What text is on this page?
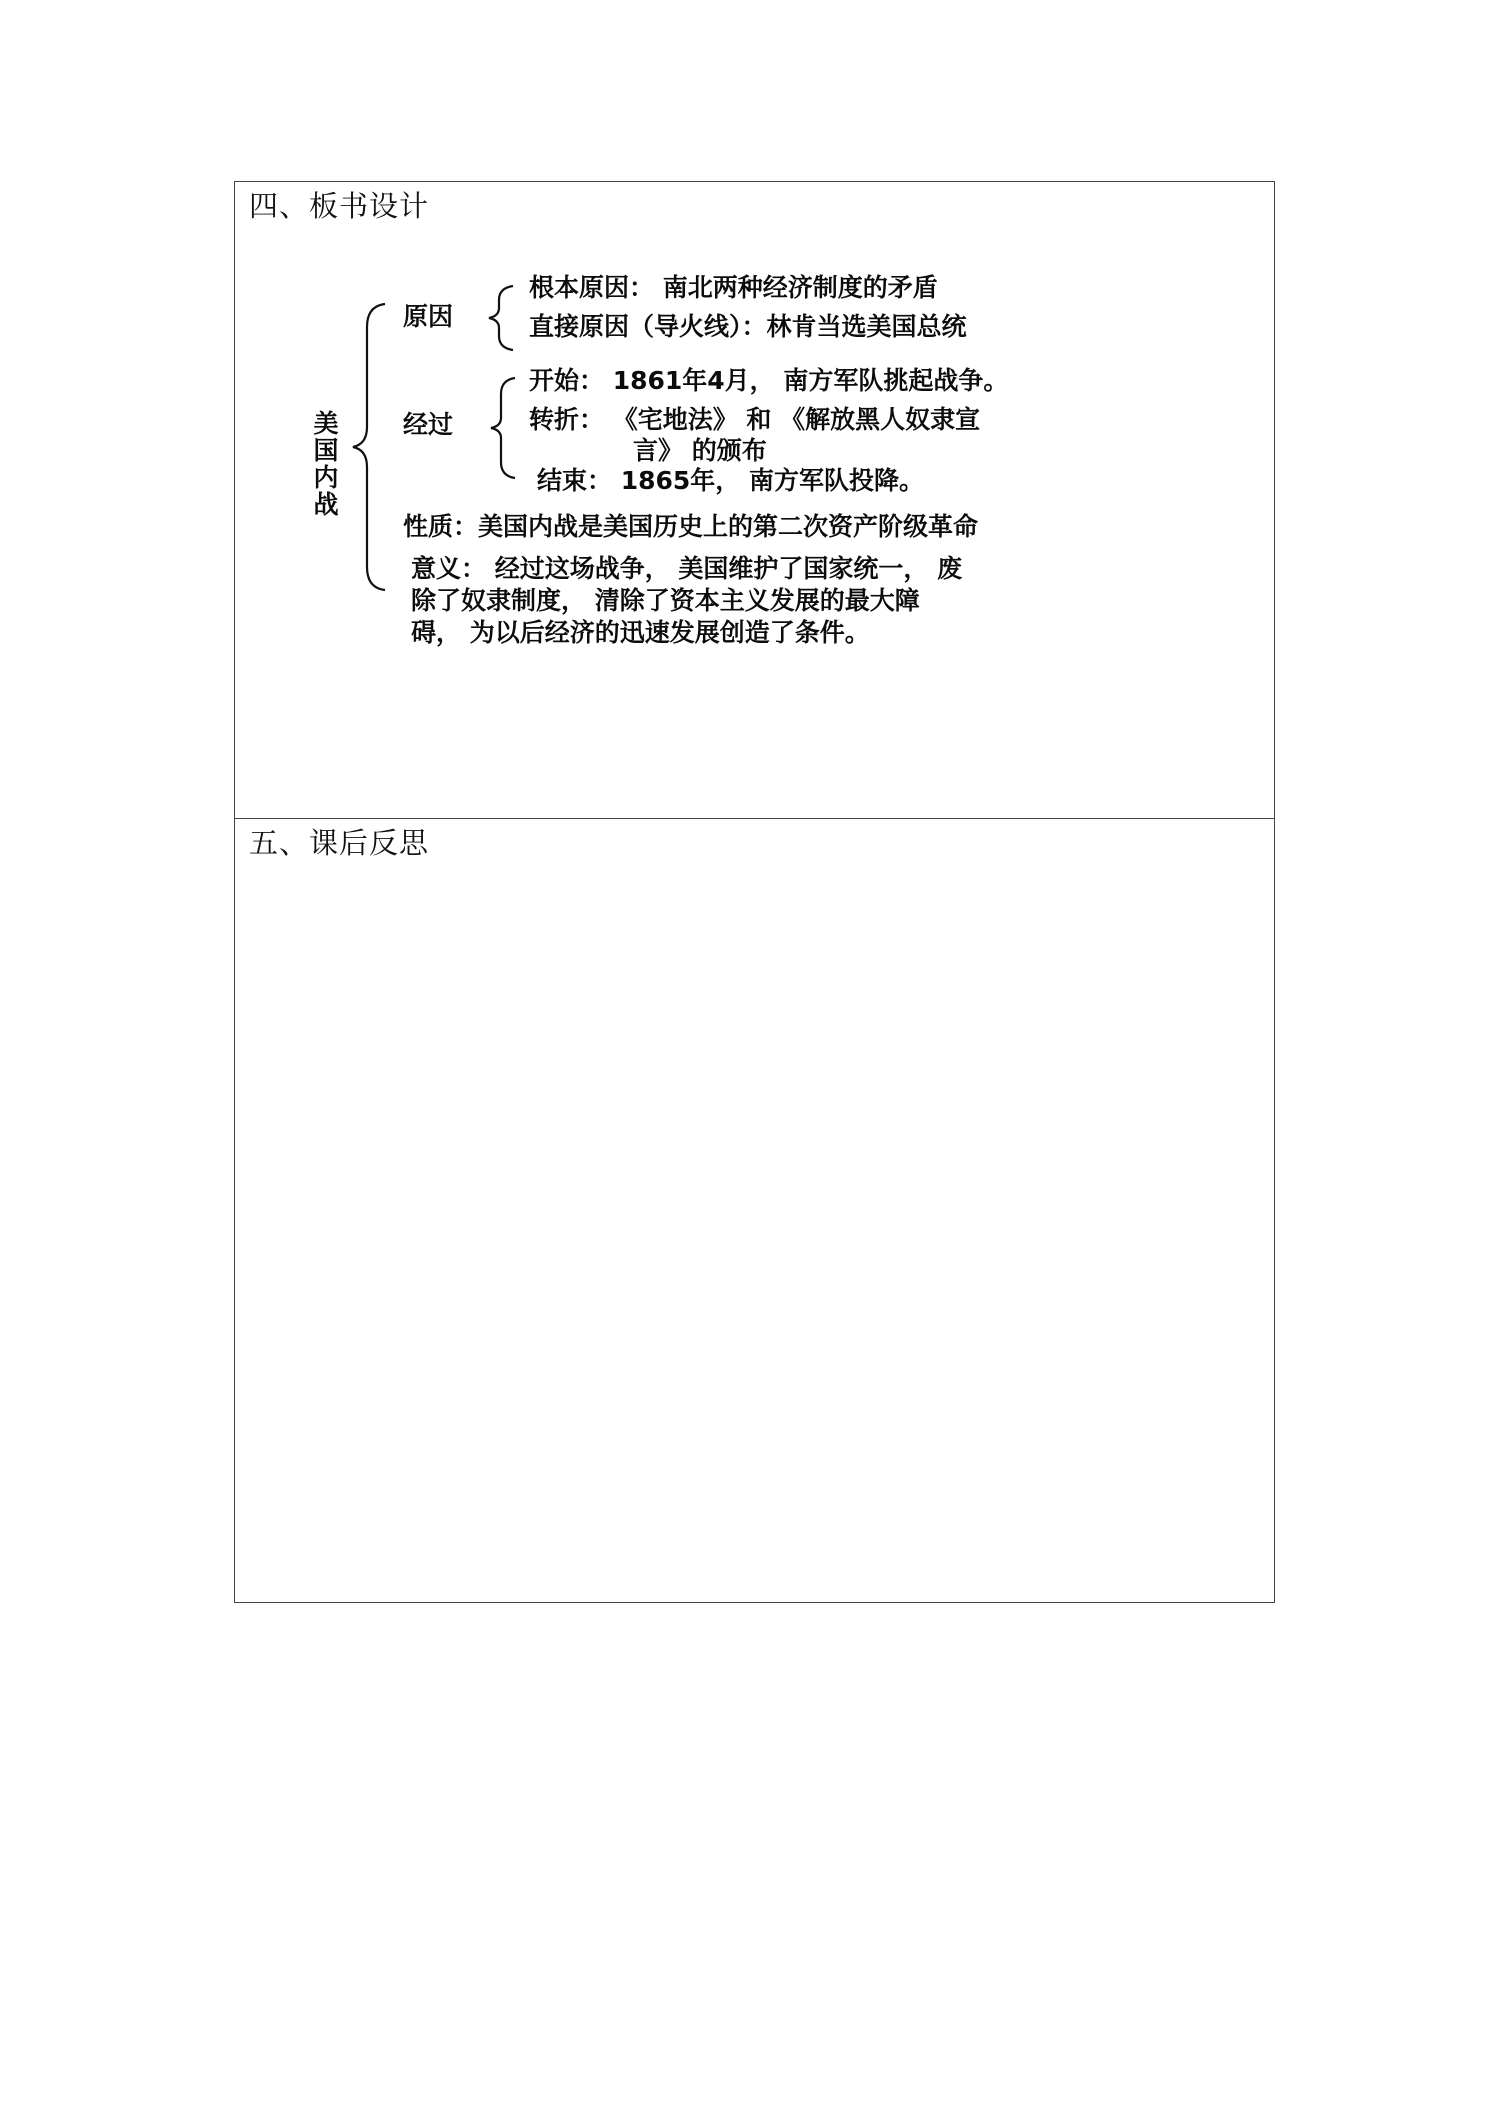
四、板书设计
美国内战
原因
根本原因： 南北两种经济制度的矛盾
直接原因（导火线）：林肯当选美国总统
经过
开始： 1861年4月， 南方军队挑起战争。
转折： 《宅地法》 和 《解放黑人奴隶宣
言》 的颁布
结束： 1865年， 南方军队投降。
性质：美国内战是美国历史上的第二次资产阶级革命
意义： 经过这场战争， 美国维护了国家统一， 废
除了奴隶制度， 清除了资本主义发展的最大障
碍， 为以后经济的迅速发展创造了条件。
五、课后反思
